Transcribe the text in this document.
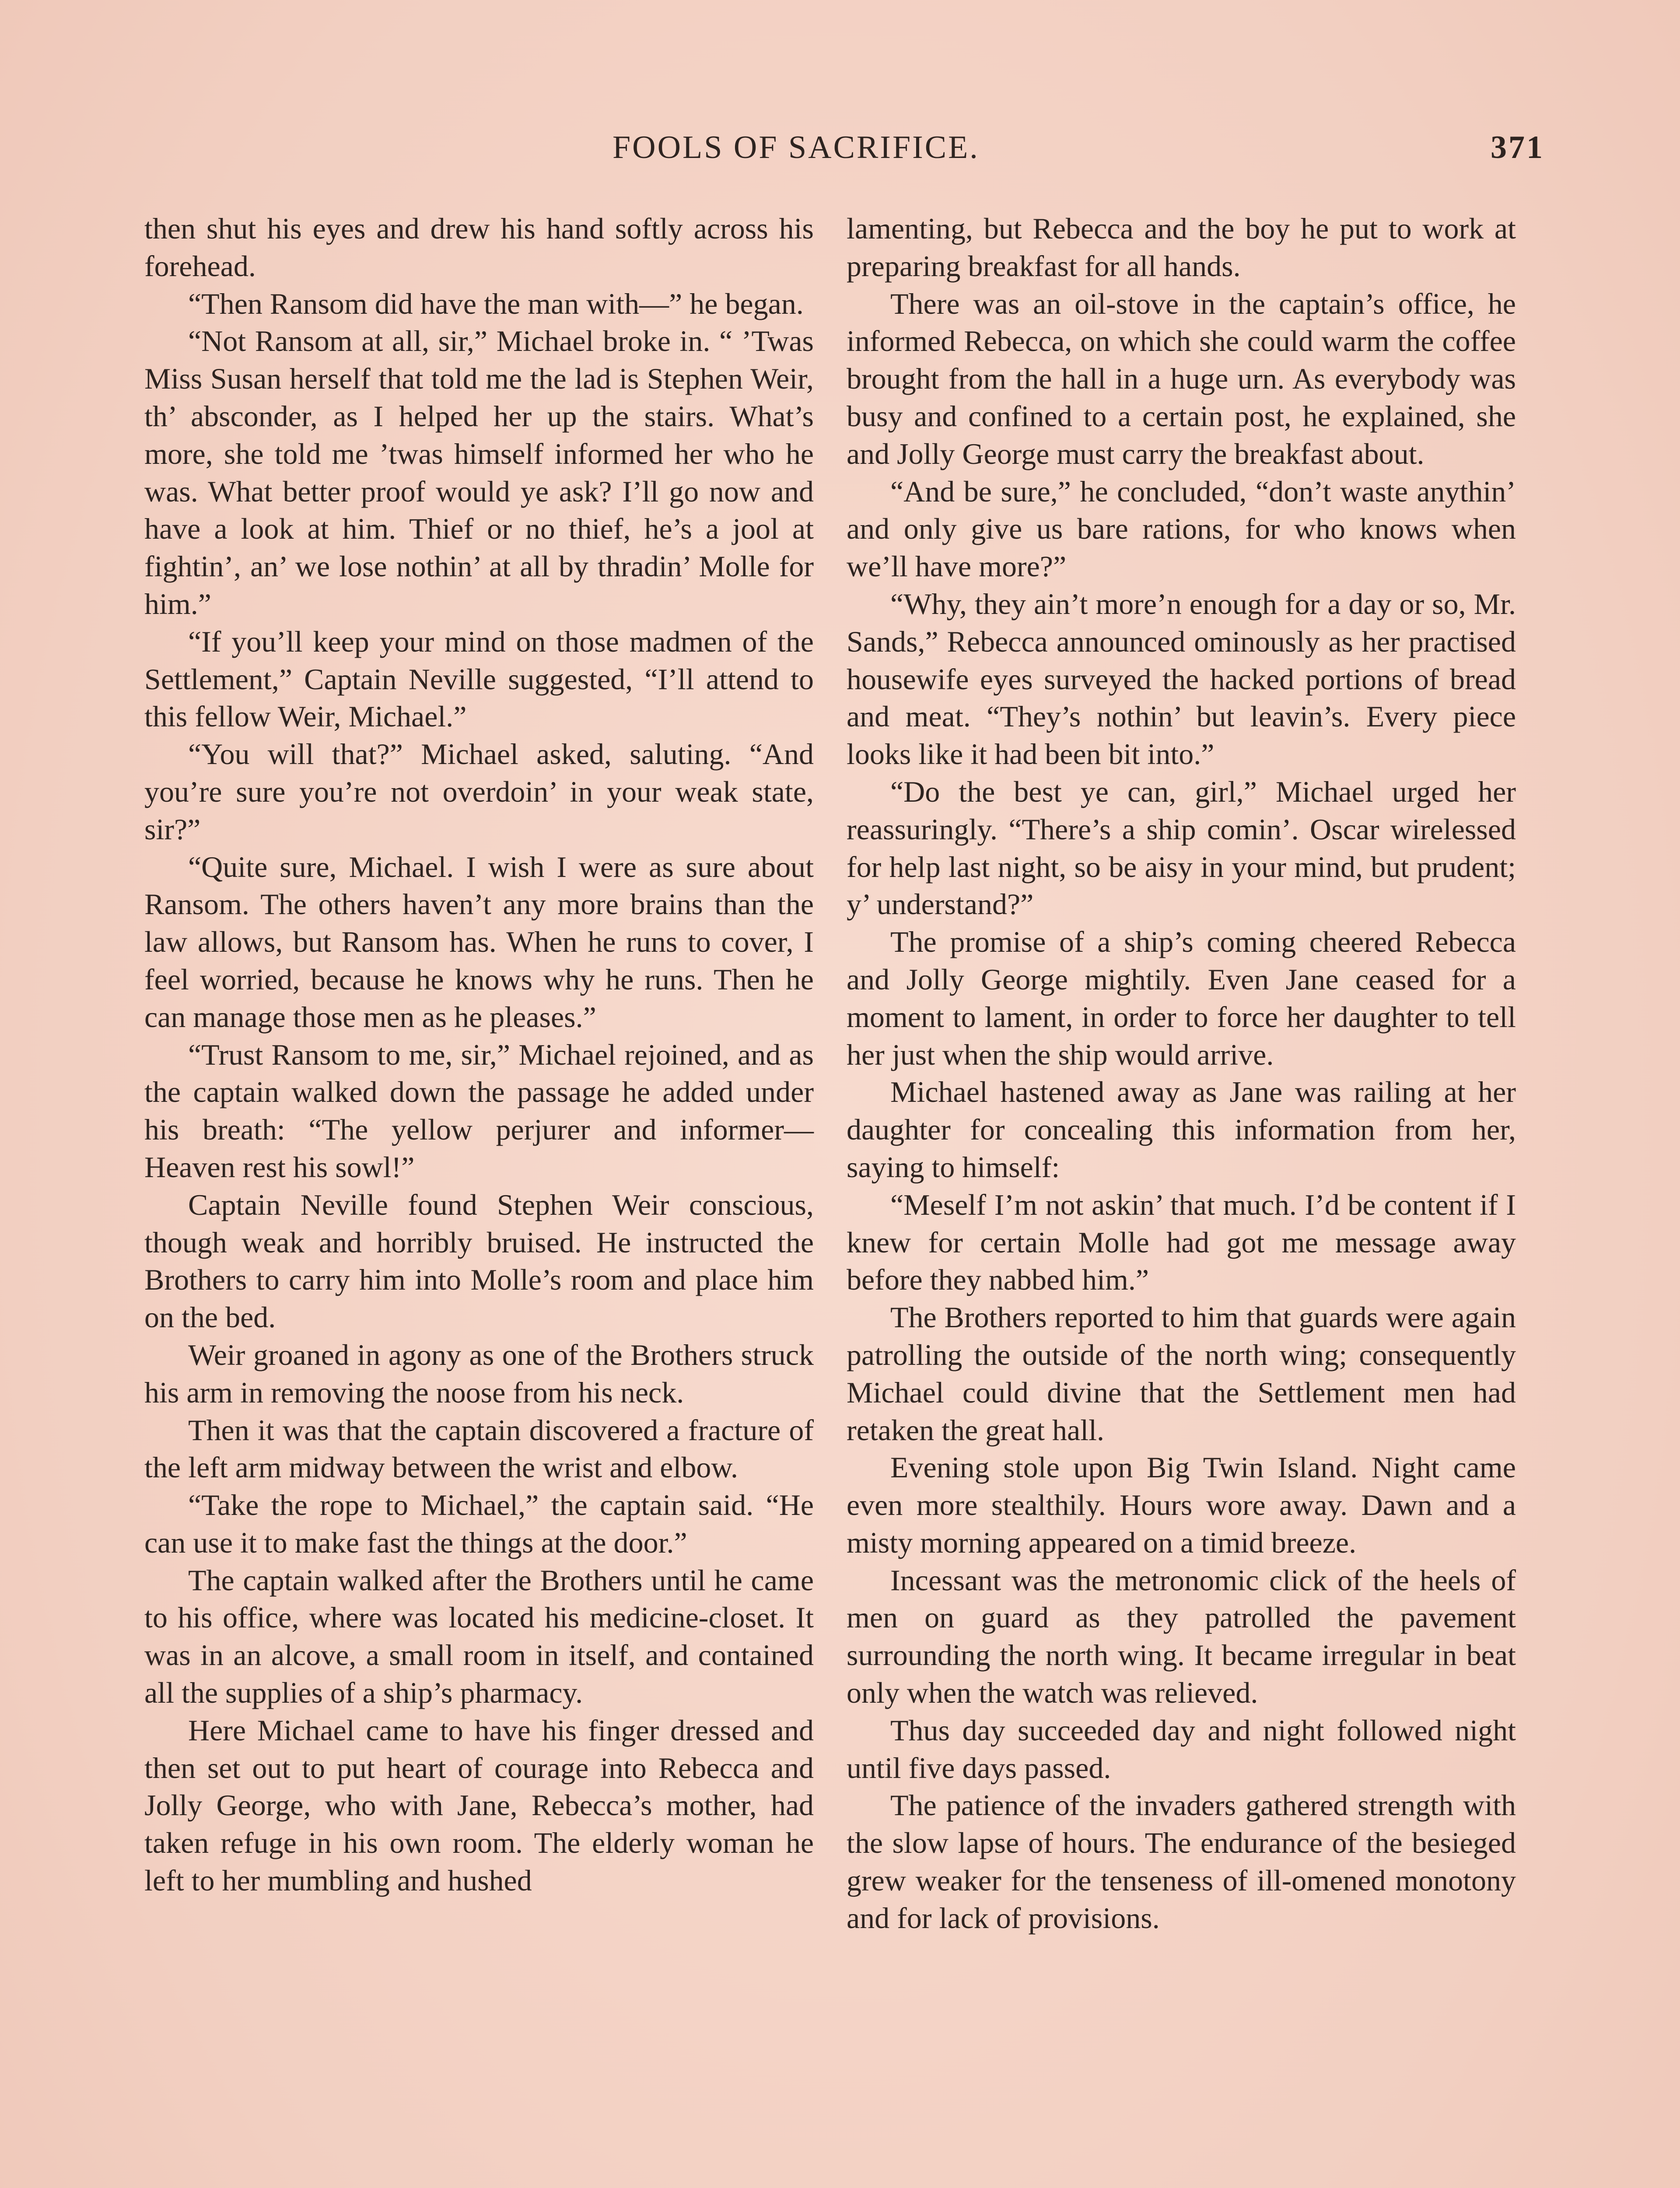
FOOLS OF SACRIFICE.	371

then shut his eyes and drew his hand softly across his forehead.

“Then Ransom did have the man with—” he began.

“Not Ransom at all, sir,” Michael broke in. “ ’Twas Miss Susan herself that told me the lad is Stephen Weir, th’ absconder, as I helped her up the stairs. What’s more, she told me ’twas himself informed her who he was. What better proof would ye ask? I’ll go now and have a look at him. Thief or no thief, he’s a jool at fightin’, an’ we lose nothin’ at all by thradin’ Molle for him.”

“If you’ll keep your mind on those madmen of the Settlement,” Captain Neville suggested, “I’ll attend to this fellow Weir, Michael.”

“You will that?” Michael asked, saluting. “And you’re sure you’re not overdoin’ in your weak state, sir?”

“Quite sure, Michael. I wish I were as sure about Ransom. The others haven’t any more brains than the law allows, but Ransom has. When he runs to cover, I feel worried, because he knows why he runs. Then he can manage those men as he pleases.”

“Trust Ransom to me, sir,” Michael rejoined, and as the captain walked down the passage he added under his breath: “The yellow perjurer and informer— Heaven rest his sowl!”

Captain Neville found Stephen Weir conscious, though weak and horribly bruised. He instructed the Brothers to carry him into Molle’s room and place him on the bed.

Weir groaned in agony as one of the Brothers struck his arm in removing the noose from his neck.

Then it was that the captain discovered a fracture of the left arm midway between the wrist and elbow.

“Take the rope to Michael,” the captain said. “He can use it to make fast the things at the door.”

The captain walked after the Brothers until he came to his office, where was located his medicine-closet. It was in an alcove, a small room in itself, and contained all the supplies of a ship’s pharmacy.

Here Michael came to have his finger dressed and then set out to put heart of courage into Rebecca and Jolly George, who with Jane, Rebecca’s mother, had taken refuge in his own room. The elderly woman he left to her mumbling and hushed

lamenting, but Rebecca and the boy he put to work at preparing breakfast for all hands.

There was an oil-stove in the captain’s office, he informed Rebecca, on which she could warm the coffee brought from the hall in a huge urn. As everybody was busy and confined to a certain post, he explained, she and Jolly George must carry the breakfast about.

“And be sure,” he concluded, “don’t waste anythin’ and only give us bare rations, for who knows when we’ll have more?”

“Why, they ain’t more’n enough for a day or so, Mr. Sands,” Rebecca announced ominously as her practised housewife eyes surveyed the hacked portions of bread and meat. “They’s nothin’ but leavin’s. Every piece looks like it had been bit into.”

“Do the best ye can, girl,” Michael urged her reassuringly. “There’s a ship comin’. Oscar wirelessed for help last night, so be aisy in your mind, but prudent; y’ understand?”

The promise of a ship’s coming cheered Rebecca and Jolly George mightily. Even Jane ceased for a moment to lament, in order to force her daughter to tell her just when the ship would arrive.

Michael hastened away as Jane was railing at her daughter for concealing this information from her, saying to himself:

“Meself I’m not askin’ that much. I’d be content if I knew for certain Molle had got me message away before they nabbed him.”

The Brothers reported to him that guards were again patrolling the outside of the north wing; consequently Michael could divine that the Settlement men had retaken the great hall.

Evening stole upon Big Twin Island. Night came even more stealthily. Hours wore away. Dawn and a misty morning appeared on a timid breeze.

Incessant was the metronomic click of the heels of men on guard as they patrolled the pavement surrounding the north wing. It became irregular in beat only when the watch was relieved.

Thus day succeeded day and night followed night until five days passed.

The patience of the invaders gathered strength with the slow lapse of hours. The endurance of the besieged grew weaker for the tenseness of ill-omened monotony and for lack of provisions.
